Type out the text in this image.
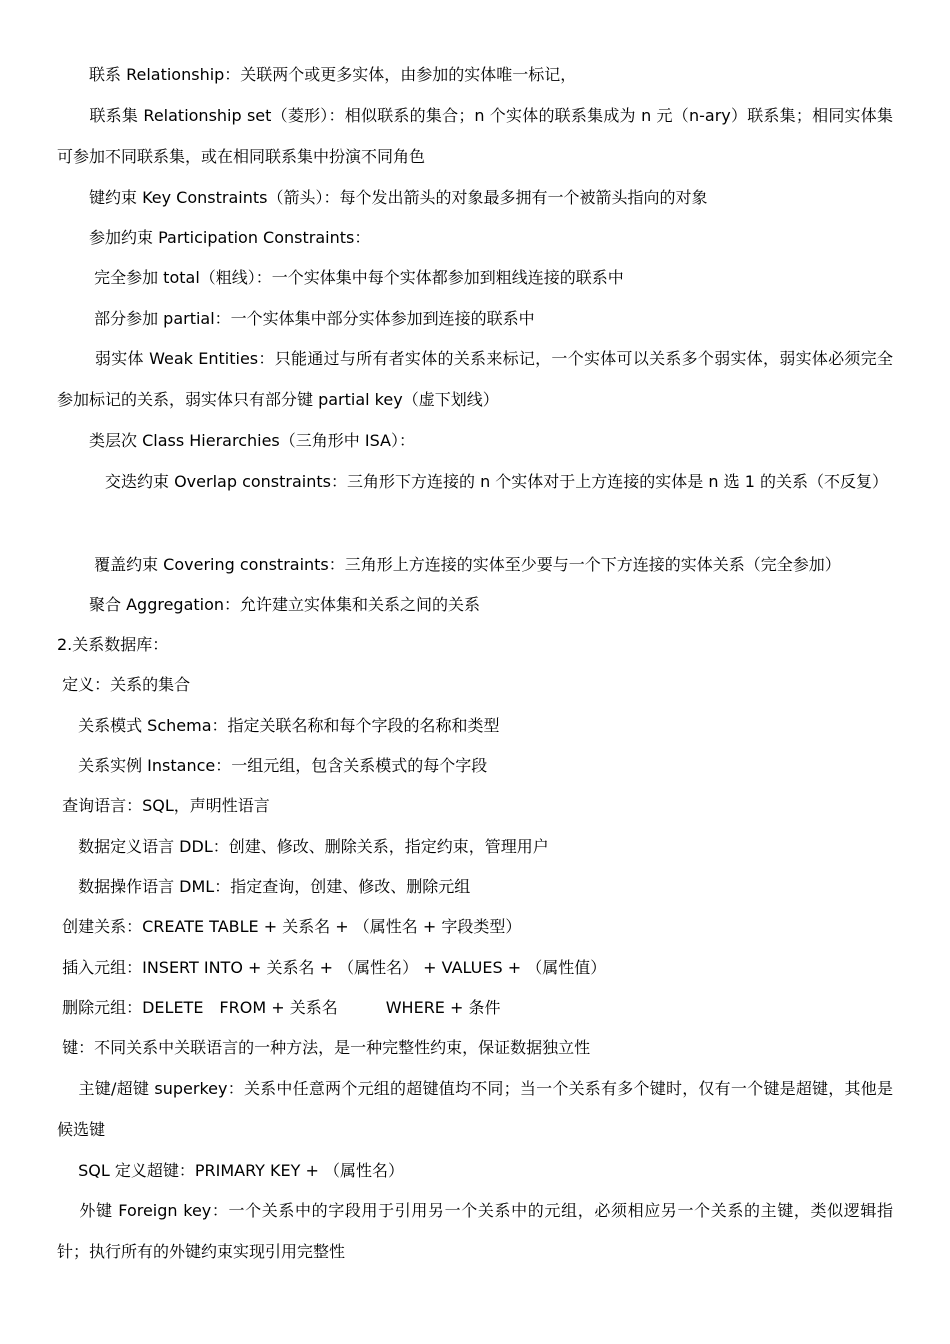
　　联系 Relationship：关联两个或更多实体，由参加的实体唯一标记，

　　联系集 Relationship set（菱形）：相似联系的集合；n 个实体的联系集成为 n 元（n-ary）联系集；相同实体集可参加不同联系集，或在相同联系集中扮演不同角色

　　键约束 Key Constraints（箭头）：每个发出箭头的对象最多拥有一个被箭头指向的对象

　　参加约束 Participation Constraints：

　　 完全参加 total（粗线）：一个实体集中每个实体都参加到粗线连接的联系中

　　 部分参加 partial：一个实体集中部分实体参加到连接的联系中

　　 弱实体 Weak Entities：只能通过与所有者实体的关系来标记，一个实体可以关系多个弱实体，弱实体必须完全参加标记的关系，弱实体只有部分键 partial key（虚下划线）

　　类层次 Class Hierarchies（三角形中 ISA）：

　　　交迭约束 Overlap constraints：三角形下方连接的 n 个实体对于上方连接的实体是 n 选 1 的关系（不反复）

　　 覆盖约束 Covering constraints：三角形上方连接的实体至少要与一个下方连接的实体关系（完全参加）

　　聚合 Aggregation：允许建立实体集和关系之间的关系

2.关系数据库：

定义：关系的集合

　 关系模式 Schema：指定关联名称和每个字段的名称和类型

　 关系实例 Instance：一组元组，包含关系模式的每个字段

查询语言：SQL，声明性语言

　 数据定义语言 DDL：创建、修改、删除关系，指定约束，管理用户

　 数据操作语言 DML：指定查询，创建、修改、删除元组

创建关系：CREATE TABLE + 关系名 + （属性名 + 字段类型）

插入元组：INSERT INTO + 关系名 + （属性名） + VALUES + （属性值）

删除元组：DELETE　FROM + 关系名　　　WHERE + 条件

键：不同关系中关联语言的一种方法，是一种完整性约束，保证数据独立性

　 主键/超键 superkey：关系中任意两个元组的超键值均不同；当一个关系有多个键时，仅有一个键是超键，其他是候选键

　 SQL 定义超键：PRIMARY KEY + （属性名）

　 外键 Foreign key：一个关系中的字段用于引用另一个关系中的元组，必须相应另一个关系的主键，类似逻辑指针；执行所有的外键约束实现引用完整性
